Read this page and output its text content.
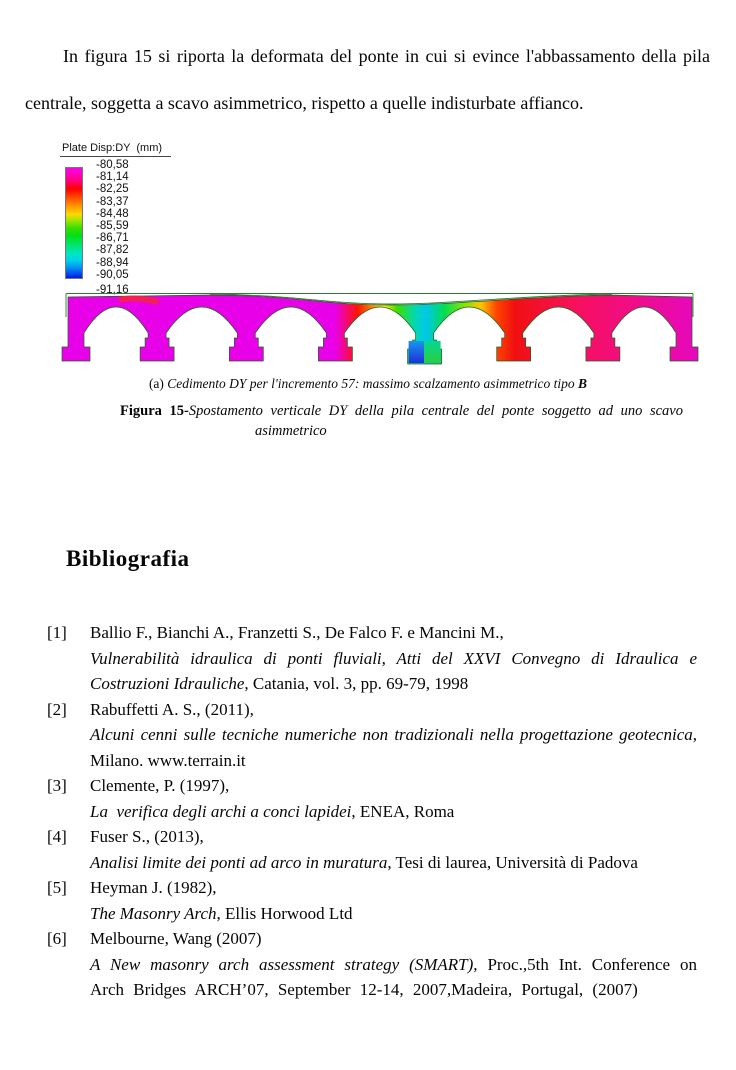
In figura 15 si riporta la deformata del ponte in cui si evince l'abbassamento della pila centrale, soggetta a scavo asimmetrico, rispetto a quelle indisturbate affianco.
Plate Disp:DY  (mm)
-80,58
-81,14
-82,25
-83,37
-84,48
-85,59
-86,71
-87,82
-88,94
-90,05
-91,16
(a) Cedimento DY per l'incremento 57: massimo scalzamento asimmetrico tipo B
Figura 15-Spostamento verticale DY della pila centrale del ponte soggetto ad uno scavo
asimmetrico
Bibliografia
[1]	Ballio F., Bianchi A., Franzetti S., De Falco F. e Mancini M.,
Vulnerabilità idraulica di ponti fluviali, Atti del XXVI Convegno di Idraulica e Costruzioni Idrauliche, Catania, vol. 3, pp. 69-79, 1998
[2]	Rabuffetti A. S., (2011),
Alcuni cenni sulle tecniche numeriche non tradizionali nella progettazione geotecnica, Milano. www.terrain.it
[3]	Clemente, P. (1997),
La  verifica degli archi a conci lapidei, ENEA, Roma
[4]	Fuser S., (2013),
Analisi limite dei ponti ad arco in muratura, Tesi di laurea, Università di Padova
[5]	Heyman J. (1982),
The Masonry Arch, Ellis Horwood Ltd
[6]	Melbourne, Wang (2007)
A New masonry arch assessment strategy (SMART), Proc.,5th Int. Conference on Arch Bridges ARCH’07, September 12-14, 2007,Madeira, Portugal, (2007)
